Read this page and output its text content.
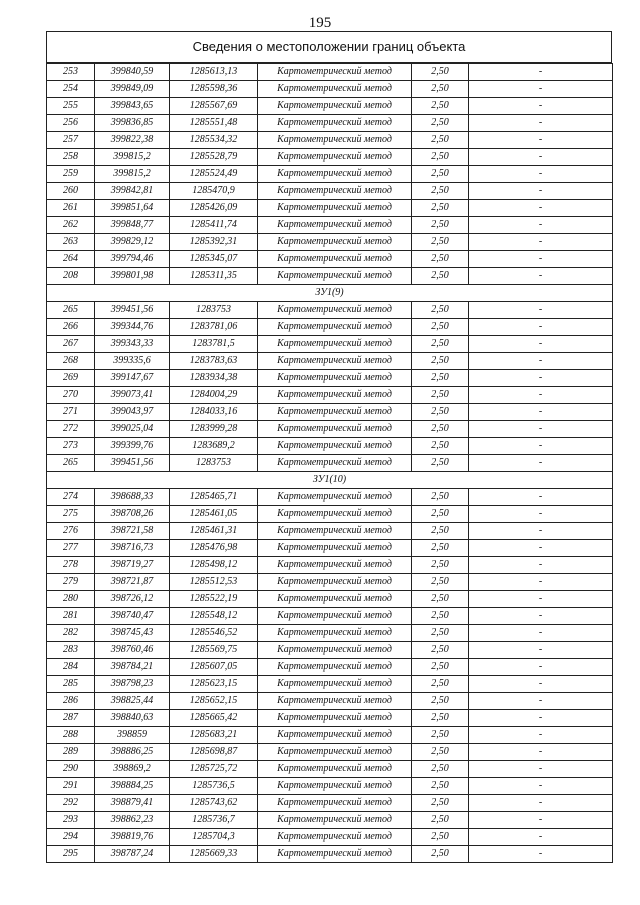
195
Сведения о местоположении границ объекта
253	399840,59	1285613,13	Картометрический метод	2,50	-
254	399849,09	1285598,36	Картометрический метод	2,50	-
255	399843,65	1285567,69	Картометрический метод	2,50	-
256	399836,85	1285551,48	Картометрический метод	2,50	-
257	399822,38	1285534,32	Картометрический метод	2,50	-
258	399815,2	1285528,79	Картометрический метод	2,50	-
259	399815,2	1285524,49	Картометрический метод	2,50	-
260	399842,81	1285470,9	Картометрический метод	2,50	-
261	399851,64	1285426,09	Картометрический метод	2,50	-
262	399848,77	1285411,74	Картометрический метод	2,50	-
263	399829,12	1285392,31	Картометрический метод	2,50	-
264	399794,46	1285345,07	Картометрический метод	2,50	-
208	399801,98	1285311,35	Картометрический метод	2,50	-
ЗУ1(9)					
265	399451,56	1283753	Картометрический метод	2,50	-
266	399344,76	1283781,06	Картометрический метод	2,50	-
267	399343,33	1283781,5	Картометрический метод	2,50	-
268	399335,6	1283783,63	Картометрический метод	2,50	-
269	399147,67	1283934,38	Картометрический метод	2,50	-
270	399073,41	1284004,29	Картометрический метод	2,50	-
271	399043,97	1284033,16	Картометрический метод	2,50	-
272	399025,04	1283999,28	Картометрический метод	2,50	-
273	399399,76	1283689,2	Картометрический метод	2,50	-
265	399451,56	1283753	Картометрический метод	2,50	-
ЗУ1(10)					
274	398688,33	1285465,71	Картометрический метод	2,50	-
275	398708,26	1285461,05	Картометрический метод	2,50	-
276	398721,58	1285461,31	Картометрический метод	2,50	-
277	398716,73	1285476,98	Картометрический метод	2,50	-
278	398719,27	1285498,12	Картометрический метод	2,50	-
279	398721,87	1285512,53	Картометрический метод	2,50	-
280	398726,12	1285522,19	Картометрический метод	2,50	-
281	398740,47	1285548,12	Картометрический метод	2,50	-
282	398745,43	1285546,52	Картометрический метод	2,50	-
283	398760,46	1285569,75	Картометрический метод	2,50	-
284	398784,21	1285607,05	Картометрический метод	2,50	-
285	398798,23	1285623,15	Картометрический метод	2,50	-
286	398825,44	1285652,15	Картометрический метод	2,50	-
287	398840,63	1285665,42	Картометрический метод	2,50	-
288	398859	1285683,21	Картометрический метод	2,50	-
289	398886,25	1285698,87	Картометрический метод	2,50	-
290	398869,2	1285725,72	Картометрический метод	2,50	-
291	398884,25	1285736,5	Картометрический метод	2,50	-
292	398879,41	1285743,62	Картометрический метод	2,50	-
293	398862,23	1285736,7	Картометрический метод	2,50	-
294	398819,76	1285704,3	Картометрический метод	2,50	-
295	398787,24	1285669,33	Картометрический метод	2,50	-
